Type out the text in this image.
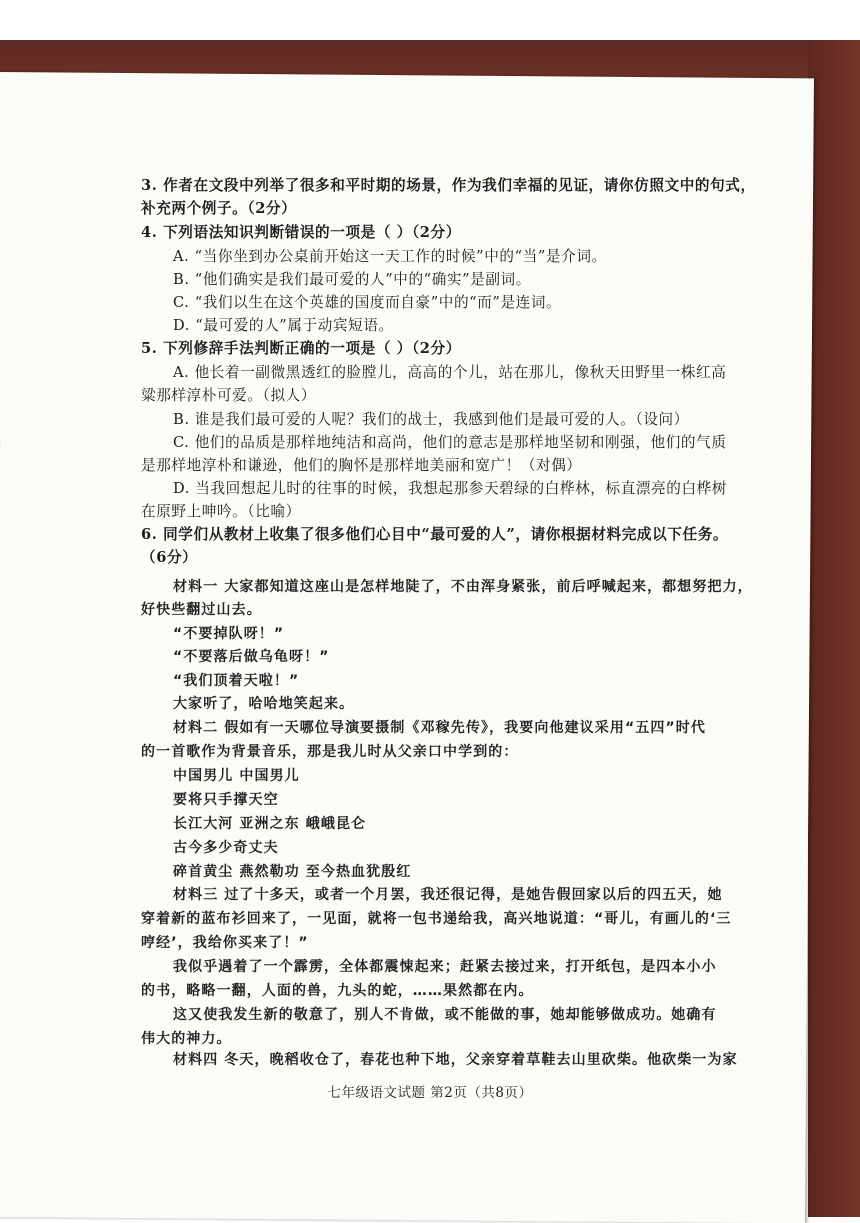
3. 作者在文段中列举了很多和平时期的场景，作为我们幸福的见证，请你仿照文中的句式，
补充两个例子。（2分）
4. 下列语法知识判断错误的一项是（ ）（2分）
A. “当你坐到办公桌前开始这一天工作的时候”中的“当”是介词。
B. “他们确实是我们最可爱的人”中的“确实”是副词。
C. “我们以生在这个英雄的国度而自豪”中的“而”是连词。
D. “最可爱的人”属于动宾短语。
5. 下列修辞手法判断正确的一项是（ ）（2分）
A. 他长着一副微黑透红的脸膛儿，高高的个儿，站在那儿，像秋天田野里一株红高
粱那样淳朴可爱。（拟人）
B. 谁是我们最可爱的人呢？我们的战士，我感到他们是最可爱的人。（设问）
C. 他们的品质是那样地纯洁和高尚，他们的意志是那样地坚韧和刚强，他们的气质
是那样地淳朴和谦逊，他们的胸怀是那样地美丽和宽广！（对偶）
D. 当我回想起儿时的往事的时候，我想起那参天碧绿的白桦林，标直漂亮的白桦树
在原野上呻吟。（比喻）
6. 同学们从教材上收集了很多他们心目中“最可爱的人”，请你根据材料完成以下任务。
（6分）
材料一 大家都知道这座山是怎样地陡了，不由浑身紧张，前后呼喊起来，都想努把力，
好快些翻过山去。
“不要掉队呀！”
“不要落后做乌龟呀！”
“我们顶着天啦！”
大家听了，哈哈地笑起来。
材料二 假如有一天哪位导演要摄制《邓稼先传》，我要向他建议采用“五四”时代
的一首歌作为背景音乐，那是我儿时从父亲口中学到的：
中国男儿 中国男儿
要将只手撑天空
长江大河 亚洲之东 峨峨昆仑
古今多少奇丈夫
碎首黄尘 燕然勒功 至今热血犹殷红
材料三 过了十多天，或者一个月罢，我还很记得，是她告假回家以后的四五天，她
穿着新的蓝布衫回来了，一见面，就将一包书递给我，高兴地说道：“哥儿，有画儿的‘三
哼经’，我给你买来了！”
我似乎遇着了一个霹雳，全体都震悚起来；赶紧去接过来，打开纸包，是四本小小
的书，略略一翻，人面的兽，九头的蛇，……果然都在内。
这又使我发生新的敬意了，别人不肯做，或不能做的事，她却能够做成功。她确有
伟大的神力。
材料四 冬天，晚稻收仓了，春花也种下地，父亲穿着草鞋去山里砍柴。他砍柴一为家
七年级语文试题 第2页（共8页）
